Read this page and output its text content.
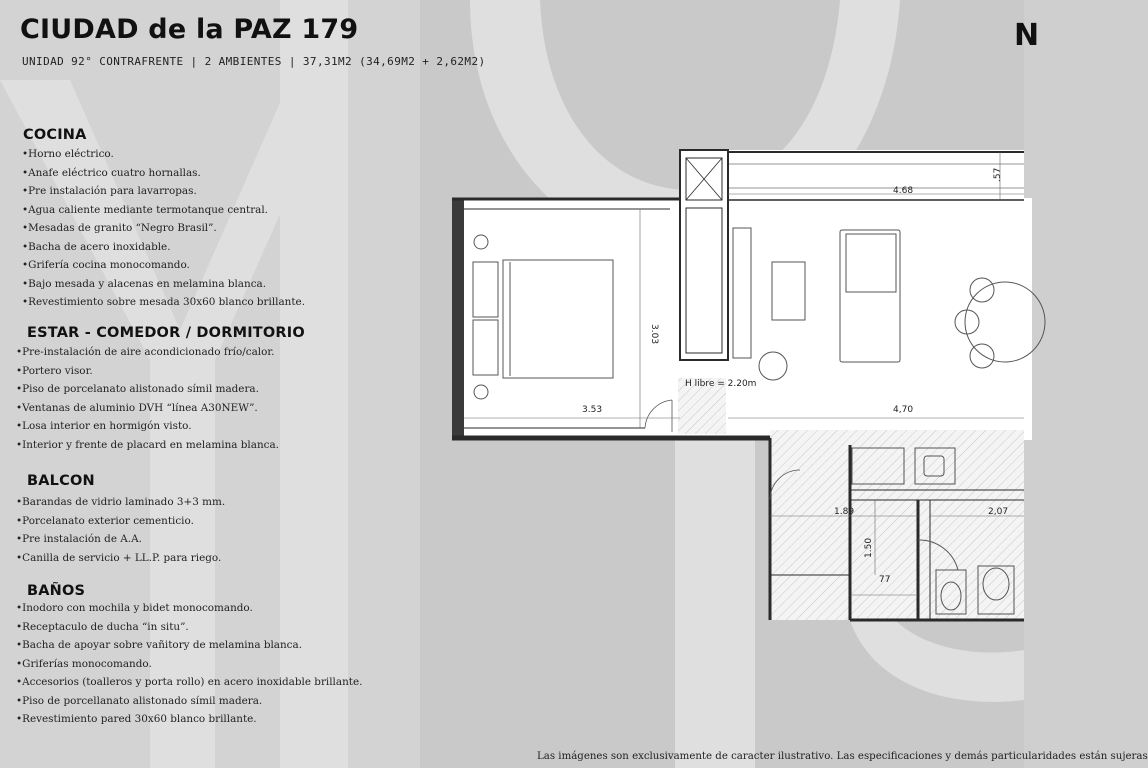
CIUDAD de la PAZ 179
UNIDAD 92° CONTRAFRENTE | 2 AMBIENTES | 37,31M2 (34,69M2 + 2,62M2)
N
COCINA
• Horno eléctrico.
• Anafe eléctrico cuatro hornallas.
• Pre instalación para lavarropas.
• Agua caliente mediante termotanque central.
• Mesadas de granito “Negro Brasil”.
• Bacha de acero inoxidable.
• Grifería cocina monocomando.
• Bajo mesada y alacenas en melamina blanca.
• Revestimiento sobre mesada 30x60 blanco brillante.
ESTAR - COMEDOR / DORMITORIO
• Pre-instalación de aire acondicionado frío/calor.
• Portero visor.
• Piso de porcelanato alistonado símil madera.
• Ventanas de aluminio DVH “línea A30NEW”.
• Losa interior en hormigón visto.
• Interior y frente de placard en melamina blanca.
BALCON
• Barandas de vidrio laminado 3+3 mm.
• Porcelanato exterior cementicio.
• Pre instalación de A.A.
• Canilla de servicio + LL.P. para riego.
BAÑOS
• Inodoro con mochila y bidet monocomando.
• Receptaculo de ducha “in situ”.
• Bacha de apoyar sobre vañitory de melamina blanca.
• Griferías monocomando.
• Accesorios (toalleros y porta rollo) en acero inoxidable brillante.
• Piso de porcellanato alistonado símil madera.
• Revestimiento pared 30x60 blanco brillante.
4.68
.57
3.03
H libre = 2.20m
3.53	4,70
1.89	2,07
1.50
77
Las imágenes son exclusivamente de caracter ilustrativo. Las especificaciones y demás particularidades están sujeras
